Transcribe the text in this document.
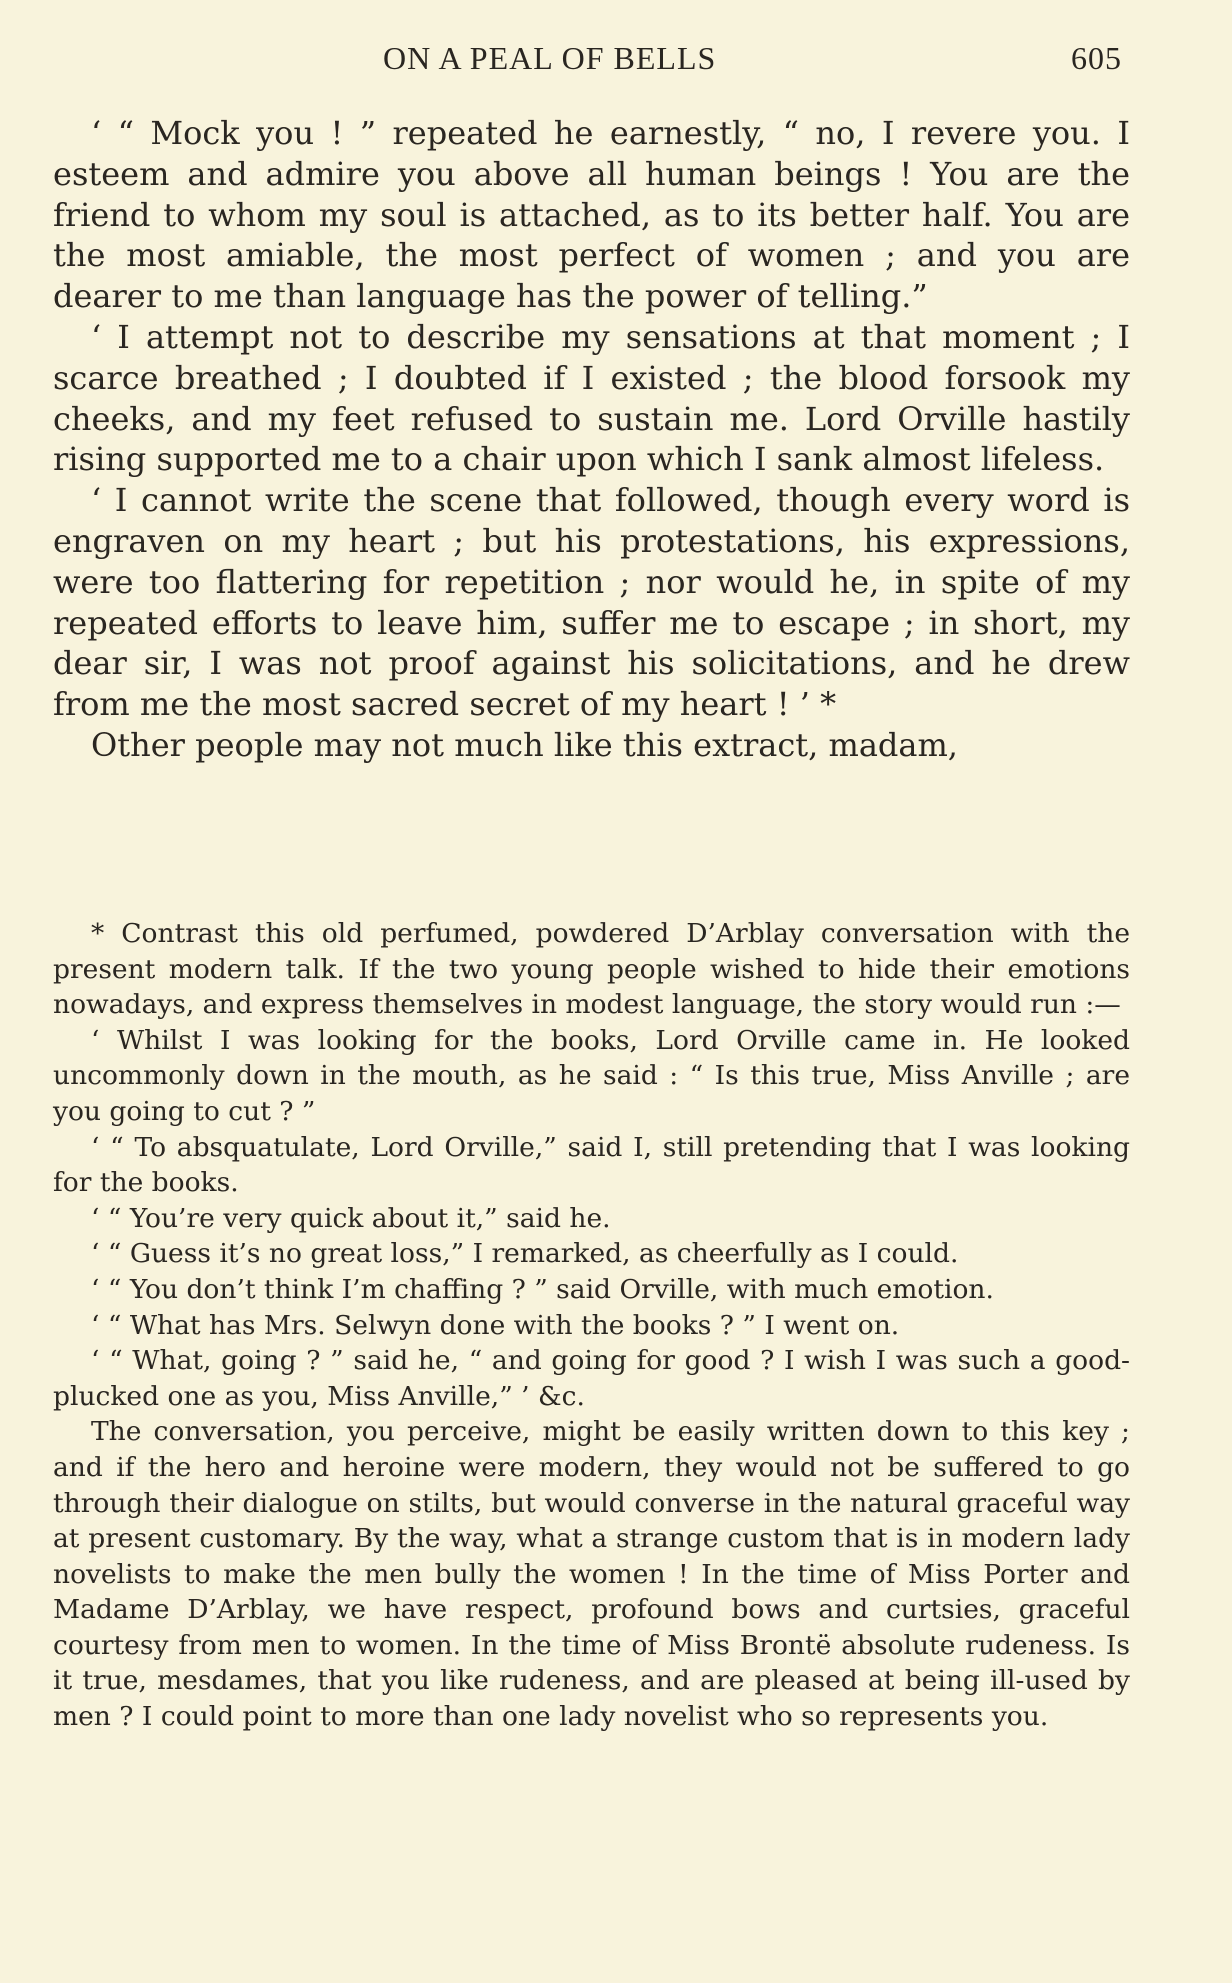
ON A PEAL OF BELLS	605

‘ “ Mock you ! ” repeated he earnestly, “ no, I revere you. I esteem and admire you above all human beings ! You are the friend to whom my soul is attached, as to its better half. You are the most amiable, the most perfect of women ; and you are dearer to me than language has the power of telling.”

‘ I attempt not to describe my sensations at that moment ; I scarce breathed ; I doubted if I existed ; the blood forsook my cheeks, and my feet refused to sustain me. Lord Orville hastily rising supported me to a chair upon which I sank almost lifeless.

‘ I cannot write the scene that followed, though every word is engraven on my heart ; but his protestations, his expressions, were too flattering for repetition ; nor would he, in spite of my repeated efforts to leave him, suffer me to escape ; in short, my dear sir, I was not proof against his solicitations, and he drew from me the most sacred secret of my heart ! ’ *

Other people may not much like this extract, madam,

* Contrast this old perfumed, powdered D’Arblay conversation with the present modern talk. If the two young people wished to hide their emotions nowadays, and express themselves in modest language, the story would run :—

‘ Whilst I was looking for the books, Lord Orville came in. He looked uncommonly down in the mouth, as he said : “ Is this true, Miss Anville ; are you going to cut ? ”

‘ “ To absquatulate, Lord Orville,” said I, still pretending that I was looking for the books.

‘ “ You’re very quick about it,” said he.

‘ “ Guess it’s no great loss,” I remarked, as cheerfully as I could.

‘ “ You don’t think I’m chaffing ? ” said Orville, with much emotion.

‘ “ What has Mrs. Selwyn done with the books ? ” I went on.

‘ “ What, going ? ” said he, “ and going for good ? I wish I was such a good-plucked one as you, Miss Anville,” ’ &c.

The conversation, you perceive, might be easily written down to this key ; and if the hero and heroine were modern, they would not be suffered to go through their dialogue on stilts, but would converse in the natural graceful way at present customary. By the way, what a strange custom that is in modern lady novelists to make the men bully the women ! In the time of Miss Porter and Madame D’Arblay, we have respect, profound bows and curtsies, graceful courtesy from men to women. In the time of Miss Brontë absolute rudeness. Is it true, mesdames, that you like rudeness, and are pleased at being ill-used by men ? I could point to more than one lady novelist who so represents you.
